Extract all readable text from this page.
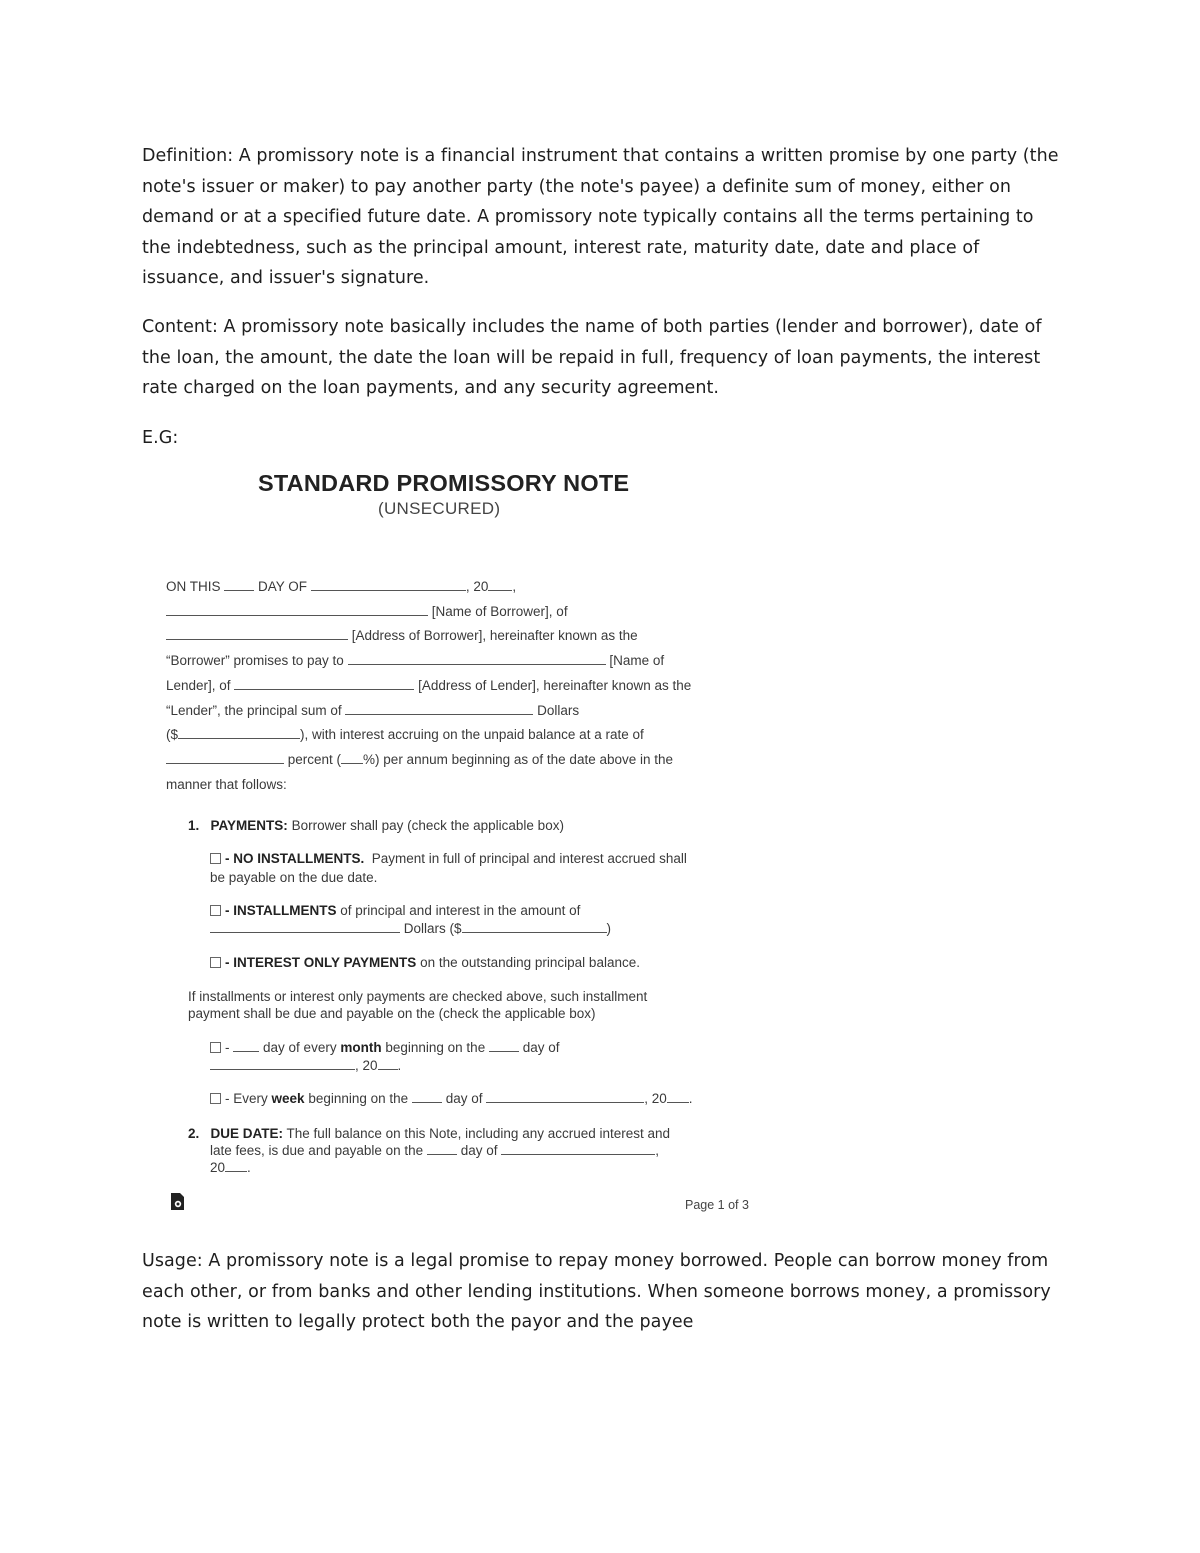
Definition: A promissory note is a financial instrument that contains a written promise by one party (the note's issuer or maker) to pay another party (the note's payee) a definite sum of money, either on demand or at a specified future date. A promissory note typically contains all the terms pertaining to the indebtedness, such as the principal amount, interest rate, maturity date, date and place of issuance, and issuer's signature.

Content: A promissory note basically includes the name of both parties (lender and borrower), date of the loan, the amount, the date the loan will be repaid in full, frequency of loan payments, the interest rate charged on the loan payments, and any security agreement.

E.G:

STANDARD PROMISSORY NOTE
(UNSECURED)
ON THIS	DAY OF	, 20 ,
[Name of Borrower], of
[Address of Borrower], hereinafter known as the
“Borrower” promises to pay to	[Name of
Lender], of	[Address of Lender], hereinafter known as the
“Lender”, the principal sum of	Dollars
($	), with interest accruing on the unpaid balance at a rate of
percent ( %) per annum beginning as of the date above in the
manner that follows:
1. PAYMENTS: Borrower shall pay (check the applicable box)
- NO INSTALLMENTS. Payment in full of principal and interest accrued shall
be payable on the due date.
- INSTALLMENTS of principal and interest in the amount of
Dollars ($	)
- INTEREST ONLY PAYMENTS on the outstanding principal balance.
If installments or interest only payments are checked above, such installment
payment shall be due and payable on the (check the applicable box)
- day of every month beginning on the	day of
, 20 .
- Every week beginning on the	day of	, 20 .
2. DUE DATE: The full balance on this Note, including any accrued interest and
late fees, is due and payable on the	day of	,
20 .
Page 1 of 3

Usage: A promissory note is a legal promise to repay money borrowed. People can borrow money from each other, or from banks and other lending institutions. When someone borrows money, a promissory note is written to legally protect both the payor and the payee
